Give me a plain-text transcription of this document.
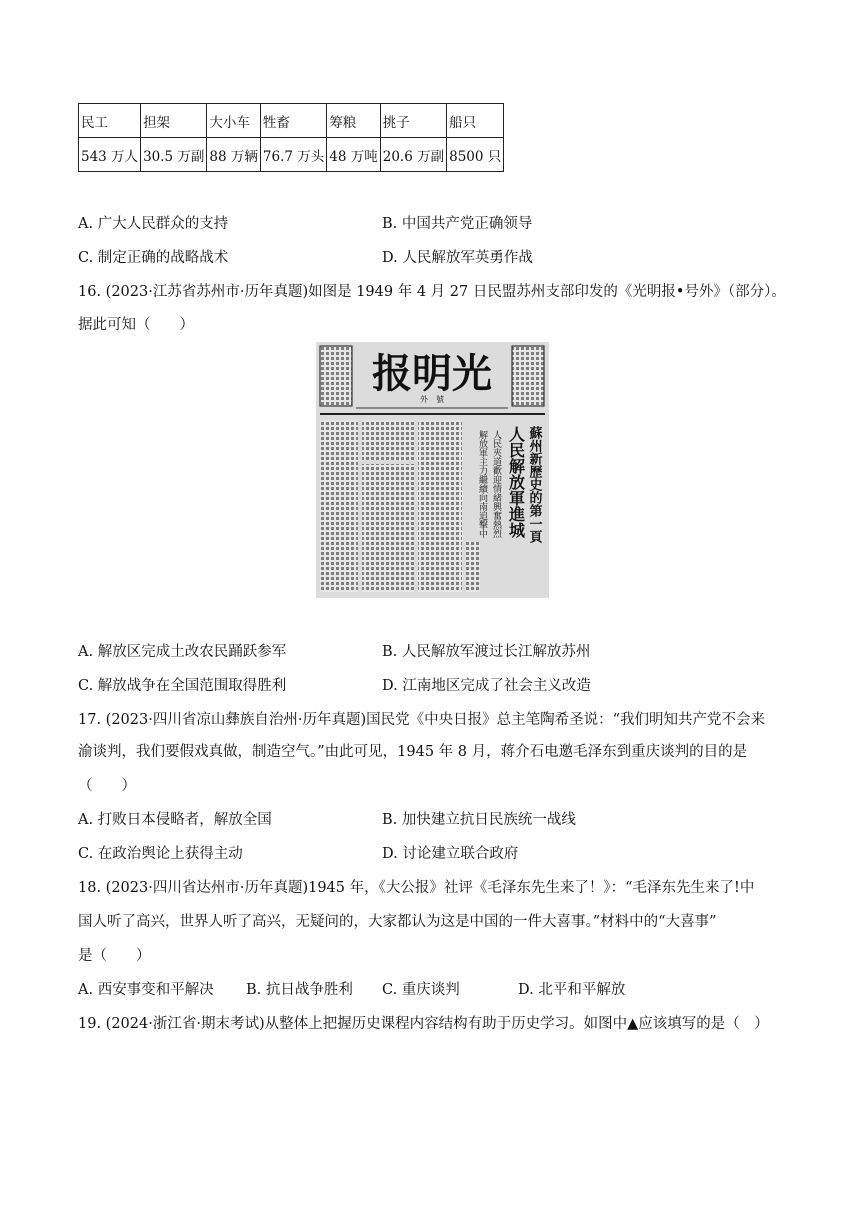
民工	担架	大小车	牲畜	筹粮	挑子	船只
543 万人	30.5 万副	88 万辆	76.7 万头	48 万吨	20.6 万副	8500 只
A. 广大人民群众的支持	B. 中国共产党正确领导
C. 制定正确的战略战术	D. 人民解放军英勇作战
16. (2023·江苏省苏州市·历年真题)如图是 1949 年 4 月 27 日民盟苏州支部印发的《光明报•号外》（部分）。
据此可知（　　）
报明光
外　號
蘇州新歷史的第一頁
人民解放軍進城
人民夾道歡迎情緒興奮熱烈
解放軍主力繼續向南追擊中
A. 解放区完成土改农民踊跃参军	B. 人民解放军渡过长江解放苏州
C. 解放战争在全国范围取得胜利	D. 江南地区完成了社会主义改造
17. (2023·四川省凉山彝族自治州·历年真题)国民党《中央日报》总主笔陶希圣说：“我们明知共产党不会来
渝谈判，我们要假戏真做，制造空气。”由此可见，1945 年 8 月，蒋介石电邀毛泽东到重庆谈判的目的是
（　　）
A. 打败日本侵略者，解放全国	B. 加快建立抗日民族统一战线
C. 在政治舆论上获得主动	D. 讨论建立联合政府
18. (2023·四川省达州市·历年真题)1945 年，《大公报》社评《毛泽东先生来了！》：“毛泽东先生来了!中
国人听了高兴，世界人听了高兴，无疑问的，大家都认为这是中国的一件大喜事。”材料中的“大喜事”
是（　　）
A. 西安事变和平解决 B. 抗日战争胜利 C. 重庆谈判	D. 北平和平解放
19. (2024·浙江省·期末考试)从整体上把握历史课程内容结构有助于历史学习。如图中▲应该填写的是（　）
